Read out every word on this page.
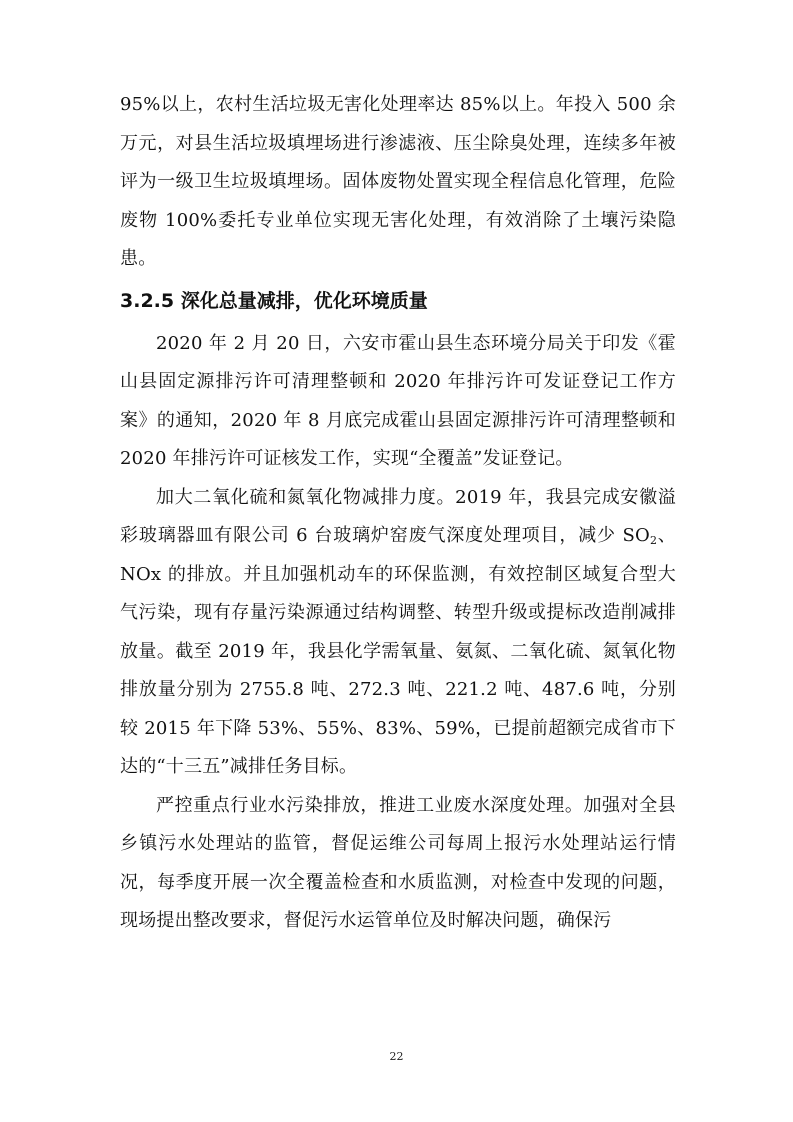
95%以上，农村生活垃圾无害化处理率达 85%以上。年投入 500 余万元，对县生活垃圾填埋场进行渗滤液、压尘除臭处理，连续多年被评为一级卫生垃圾填埋场。固体废物处置实现全程信息化管理，危险废物 100%委托专业单位实现无害化处理，有效消除了土壤污染隐患。

3.2.5 深化总量减排，优化环境质量

2020 年 2 月 20 日，六安市霍山县生态环境分局关于印发《霍山县固定源排污许可清理整顿和 2020 年排污许可发证登记工作方案》的通知，2020 年 8 月底完成霍山县固定源排污许可清理整顿和 2020 年排污许可证核发工作，实现“全覆盖”发证登记。

加大二氧化硫和氮氧化物减排力度。2019 年，我县完成安徽溢彩玻璃器皿有限公司 6 台玻璃炉窑废气深度处理项目，减少 $SO_2$、NOx 的排放。并且加强机动车的环保监测，有效控制区域复合型大气污染，现有存量污染源通过结构调整、转型升级或提标改造削减排放量。截至 2019 年，我县化学需氧量、氨氮、二氧化硫、氮氧化物排放量分别为 2755.8 吨、272.3 吨、221.2 吨、487.6 吨，分别较 2015 年下降 53%、55%、83%、59%，已提前超额完成省市下达的“十三五”减排任务目标。

严控重点行业水污染排放，推进工业废水深度处理。加强对全县乡镇污水处理站的监管，督促运维公司每周上报污水处理站运行情况，每季度开展一次全覆盖检查和水质监测，对检查中发现的问题，现场提出整改要求，督促污水运管单位及时解决问题，确保污

22
